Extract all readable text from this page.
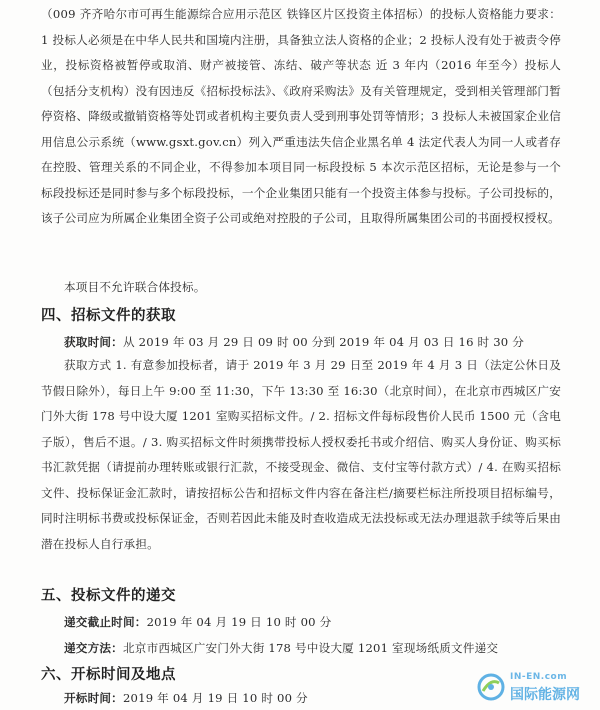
（009 齐齐哈尔市可再生能源综合应用示范区 铁锋区片区投资主体招标）的投标人资格能力要求：1 投标人必须是在中华人民共和国境内注册，具备独立法人资格的企业；2 投标人没有处于被责令停业，投标资格被暂停或取消、财产被接管、冻结、破产等状态 近 3 年内（2016 年至今）投标人（包括分支机构）没有因违反《招标投标法》、《政府采购法》及有关管理规定，受到相关管理部门暂停资格、降级或撤销资格等处罚或者机构主要负责人受到刑事处罚等情形；3 投标人未被国家企业信用信息公示系统（www.gsxt.gov.cn）列入严重违法失信企业黑名单 4 法定代表人为同一人或者存在控股、管理关系的不同企业，不得参加本项目同一标段投标 5 本次示范区招标，无论是参与一个标段投标还是同时参与多个标段投标，一个企业集团只能有一个投资主体参与投标。子公司投标的，该子公司应为所属企业集团全资子公司或绝对控股的子公司，且取得所属集团公司的书面授权授权。
本项目不允许联合体投标。
四、招标文件的获取
获取时间：从 2019 年 03 月 29 日 09 时 00 分到 2019 年 04 月 03 日 16 时 30 分
获取方式 1. 有意参加投标者，请于 2019 年 3 月 29 日至 2019 年 4 月 3 日（法定公休日及节假日除外），每日上午 9:00 至 11:30，下午 13:30 至 16:30（北京时间），在北京市西城区广安门外大街 178 号中设大厦 1201 室购买招标文件。/ 2. 招标文件每标段售价人民币 1500 元（含电子版），售后不退。/ 3. 购买招标文件时须携带投标人授权委托书或介绍信、购买人身份证、购买标书汇款凭据（请提前办理转账或银行汇款，不接受现金、微信、支付宝等付款方式）/ 4. 在购买招标文件、投标保证金汇款时，请按招标公告和招标文件内容在备注栏/摘要栏标注所投项目招标编号，同时注明标书费或投标保证金，否则若因此未能及时查收造成无法投标或无法办理退款手续等后果由潜在投标人自行承担。
五、投标文件的递交
递交截止时间：2019 年 04 月 19 日 10 时 00 分
递交方法：北京市西城区广安门外大街 178 号中设大厦 1201 室现场纸质文件递交
六、开标时间及地点
开标时间：2019 年 04 月 19 日 10 时 00 分
IN-EN.com
国际能源网
